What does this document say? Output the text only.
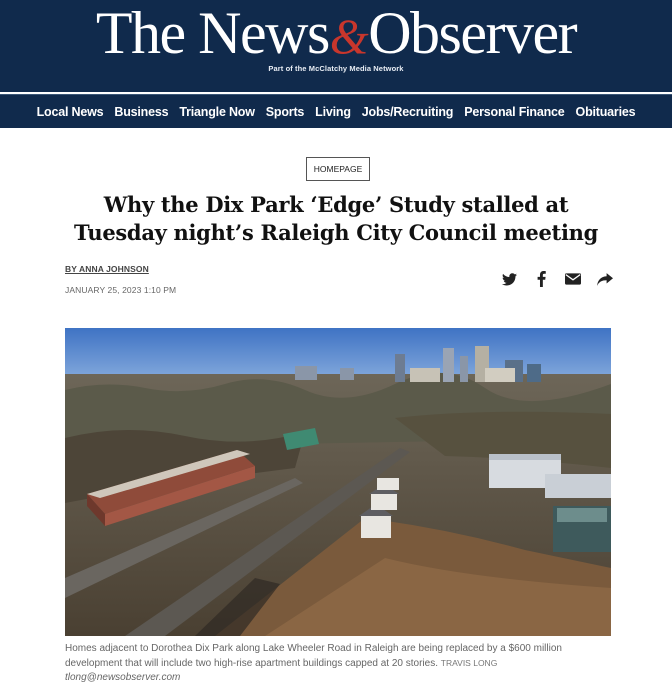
The News&Observer
Part of the McClatchy Media Network
Local News Business Triangle Now Sports Living Jobs/Recruiting Personal Finance Obituaries
HOMEPAGE
Why the Dix Park ‘Edge’ Study stalled at
Tuesday night’s Raleigh City Council meeting
BY ANNA JOHNSON
JANUARY 25, 2023 1:10 PM
Homes adjacent to Dorothea Dix Park along Lake Wheeler Road in Raleigh are being replaced by a $600 million development that will include two high-rise apartment buildings capped at 20 stories. TRAVIS LONG
tlong@newsobserver.com
